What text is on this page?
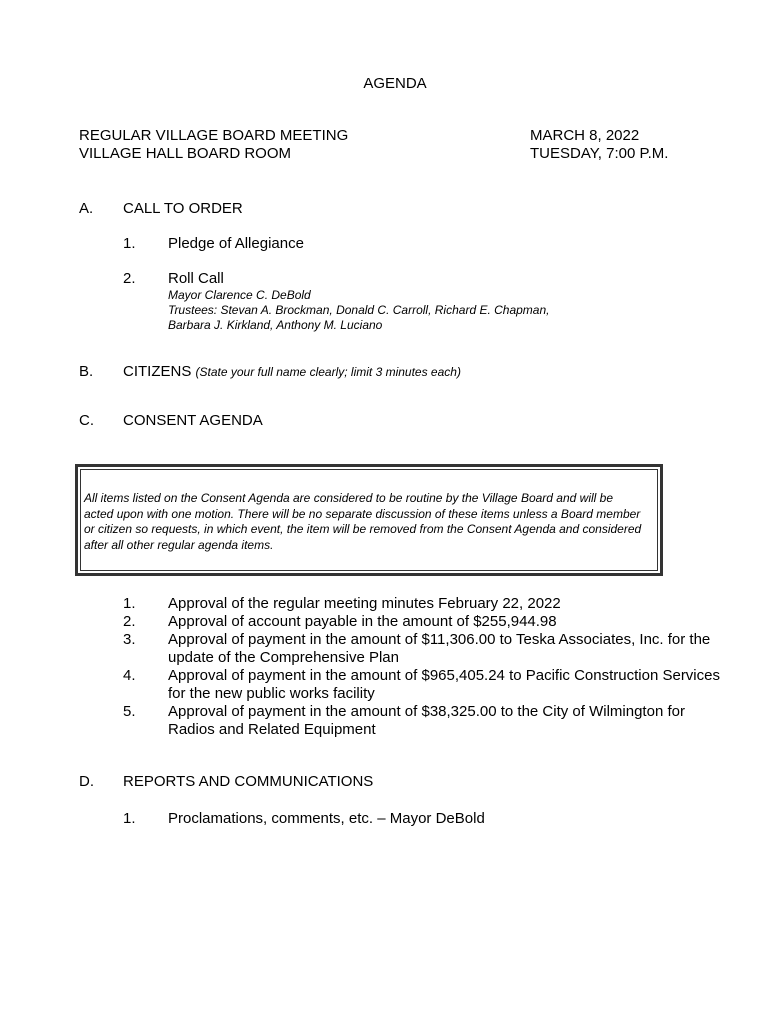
AGENDA
REGULAR VILLAGE BOARD MEETING
VILLAGE HALL BOARD ROOM
MARCH 8, 2022
TUESDAY, 7:00 P.M.
A. CALL TO ORDER
1. Pledge of Allegiance
2. Roll Call
Mayor Clarence C. DeBold
Trustees: Stevan A. Brockman, Donald C. Carroll, Richard E. Chapman,
Barbara J. Kirkland, Anthony M. Luciano
B. CITIZENS (State your full name clearly; limit 3 minutes each)
C. CONSENT AGENDA
All items listed on the Consent Agenda are considered to be routine by the Village Board and will be acted upon with one motion. There will be no separate discussion of these items unless a Board member or citizen so requests, in which event, the item will be removed from the Consent Agenda and considered after all other regular agenda items.
1. Approval of the regular meeting minutes February 22, 2022
2. Approval of account payable in the amount of $255,944.98
3. Approval of payment in the amount of $11,306.00 to Teska Associates, Inc. for the
update of the Comprehensive Plan
4. Approval of payment in the amount of $965,405.24 to Pacific Construction Services
for the new public works facility
5. Approval of payment in the amount of $38,325.00 to the City of Wilmington for
Radios and Related Equipment
D. REPORTS AND COMMUNICATIONS
1. Proclamations, comments, etc. – Mayor DeBold
